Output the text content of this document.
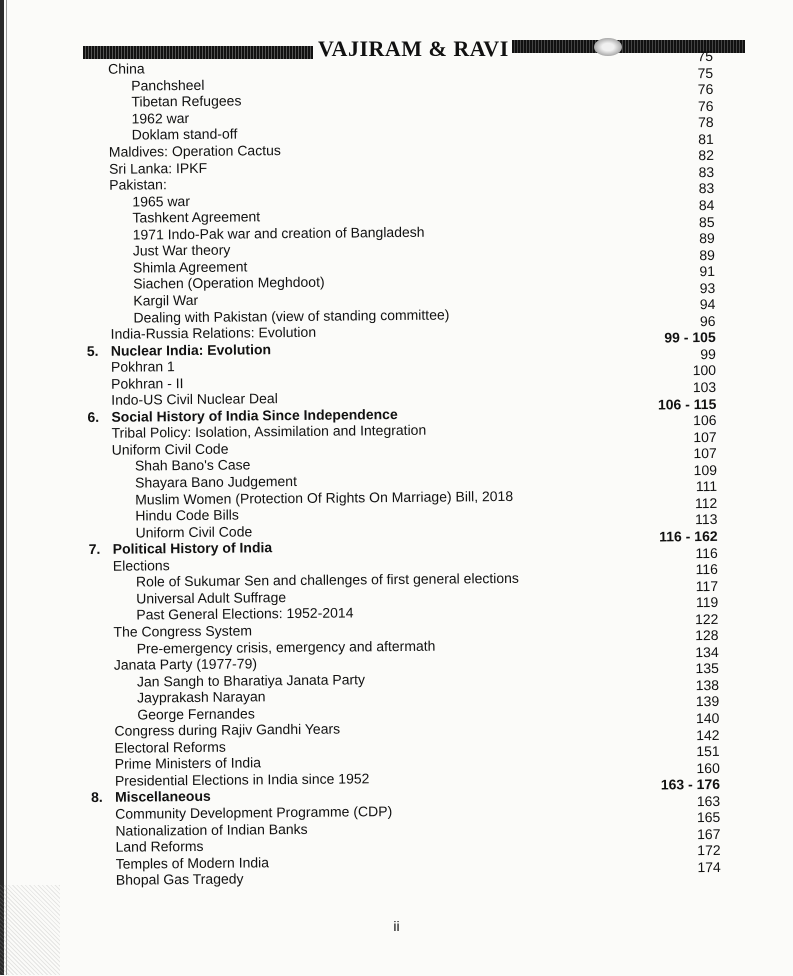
VAJIRAM & RAVI
China
Panchsheel
Tibetan Refugees
1962 war
Doklam stand-off
Maldives: Operation Cactus
Sri Lanka: IPKF
Pakistan:
1965 war
Tashkent Agreement
1971 Indo-Pak war and creation of Bangladesh
Just War theory
Shimla Agreement
Siachen (Operation Meghdoot)
Kargil War
Dealing with Pakistan (view of standing committee)
India-Russia Relations: Evolution
5. Nuclear India: Evolution
Pokhran 1
Pokhran - II
Indo-US Civil Nuclear Deal
6. Social History of India Since Independence
Tribal Policy: Isolation, Assimilation and Integration
Uniform Civil Code
Shah Bano's Case
Shayara Bano Judgement
Muslim Women (Protection Of Rights On Marriage) Bill, 2018
Hindu Code Bills
Uniform Civil Code
7. Political History of India
Elections
Role of Sukumar Sen and challenges of first general elections
Universal Adult Suffrage
Past General Elections: 1952-2014
The Congress System
Pre-emergency crisis, emergency and aftermath
Janata Party (1977-79)
Jan Sangh to Bharatiya Janata Party
Jayprakash Narayan
George Fernandes
Congress during Rajiv Gandhi Years
Electoral Reforms
Prime Ministers of India
Presidential Elections in India since 1952
8. Miscellaneous
Community Development Programme (CDP)
Nationalization of Indian Banks
Land Reforms
Temples of Modern India
Bhopal Gas Tragedy
75
75
76
76
78
81
82
83
83
84
85
89
89
91
93
94
96
99 - 105
99
100
103
106 - 115
106
107
107
109
111
112
113
116 - 162
116
116
117
119
122
128
134
135
138
139
140
142
151
160
163 - 176
163
165
167
172
174
ii
